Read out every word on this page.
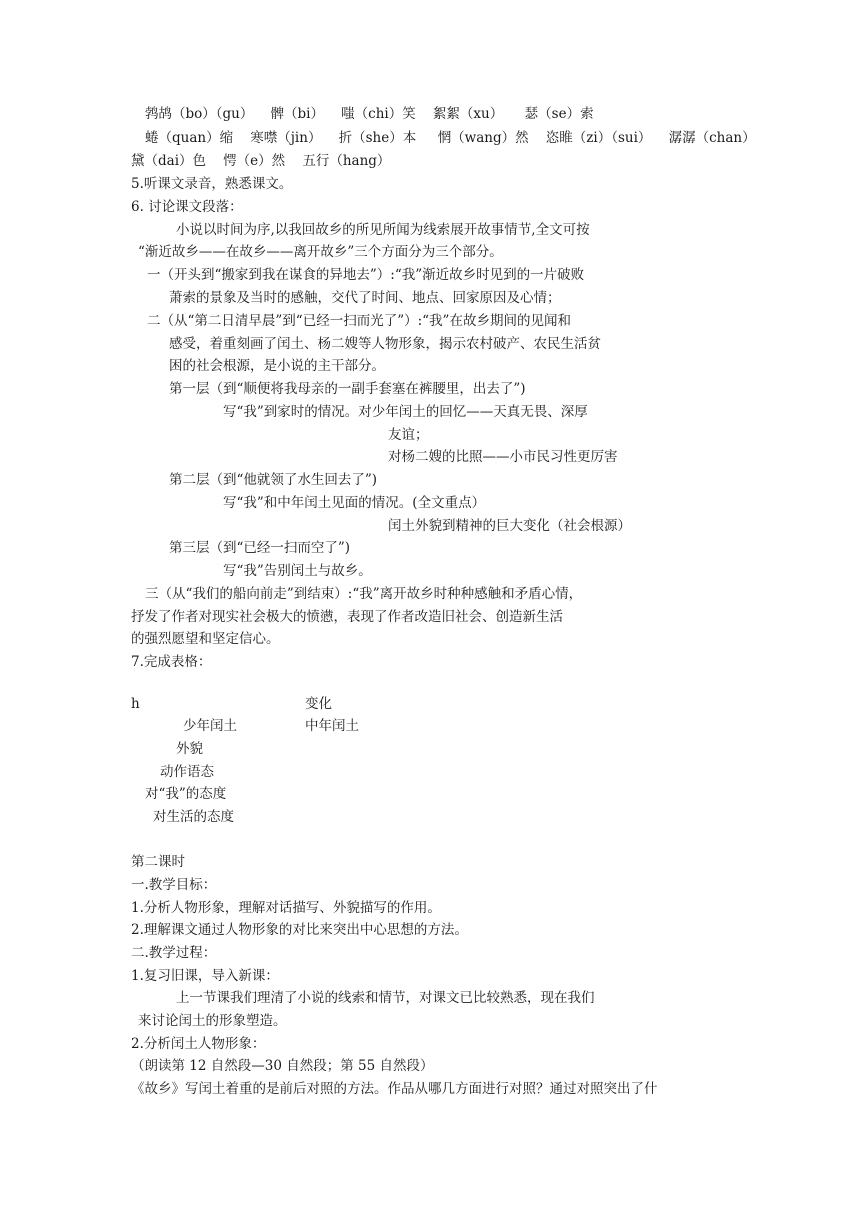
鹁鸪（bo）（gu）    髀（bi）    嗤（chi）笑    絮絮（xu）     瑟（se）索
蜷（quan）缩    寒噤（jin）    折（she）本     惘（wang）然    恣睢（zi）（sui）    潺潺（chan）
黛（dai）色    愕（e）然    五行（hang）
5.听课文录音，熟悉课文。
6. 讨论课文段落：
小说以时间为序,以我回故乡的所见所闻为线索展开故事情节,全文可按
“渐近故乡——在故乡——离开故乡”三个方面分为三个部分。
一（开头到“搬家到我在谋食的异地去”）:“我”渐近故乡时见到的一片破败
萧索的景象及当时的感触，交代了时间、地点、回家原因及心情；
二（从“第二日清早晨”到“已经一扫而光了”）:“我”在故乡期间的见闻和
感受，着重刻画了闰土、杨二嫂等人物形象，揭示农村破产、农民生活贫
困的社会根源，是小说的主干部分。
第一层（到“顺便将我母亲的一副手套塞在裤腰里，出去了”)
写“我”到家时的情况。对少年闰土的回忆——天真无畏、深厚
友谊；
对杨二嫂的比照——小市民习性更厉害
第二层（到“他就领了水生回去了”)
写“我”和中年闰土见面的情况。(全文重点）
闰土外貌到精神的巨大变化（社会根源）
第三层（到“已经一扫而空了”)
写“我”告别闰土与故乡。
三（从“我们的船向前走”到结束）:“我”离开故乡时种种感触和矛盾心情，
抒发了作者对现实社会极大的愤懑，表现了作者改造旧社会、创造新生活
的强烈愿望和坚定信心。
7.完成表格：
h	变化
少年闰土	中年闰土
外貌
动作语态
对“我”的态度
对生活的态度
第二课时
一.教学目标：
1.分析人物形象，理解对话描写、外貌描写的作用。
2.理解课文通过人物形象的对比来突出中心思想的方法。
二.教学过程：
1.复习旧课，导入新课：
上一节课我们理清了小说的线索和情节，对课文已比较熟悉，现在我们
来讨论闰土的形象塑造。
2.分析闰土人物形象：
（朗读第 12 自然段—30 自然段；第 55 自然段）
《故乡》写闰土着重的是前后对照的方法。作品从哪几方面进行对照？通过对照突出了什
